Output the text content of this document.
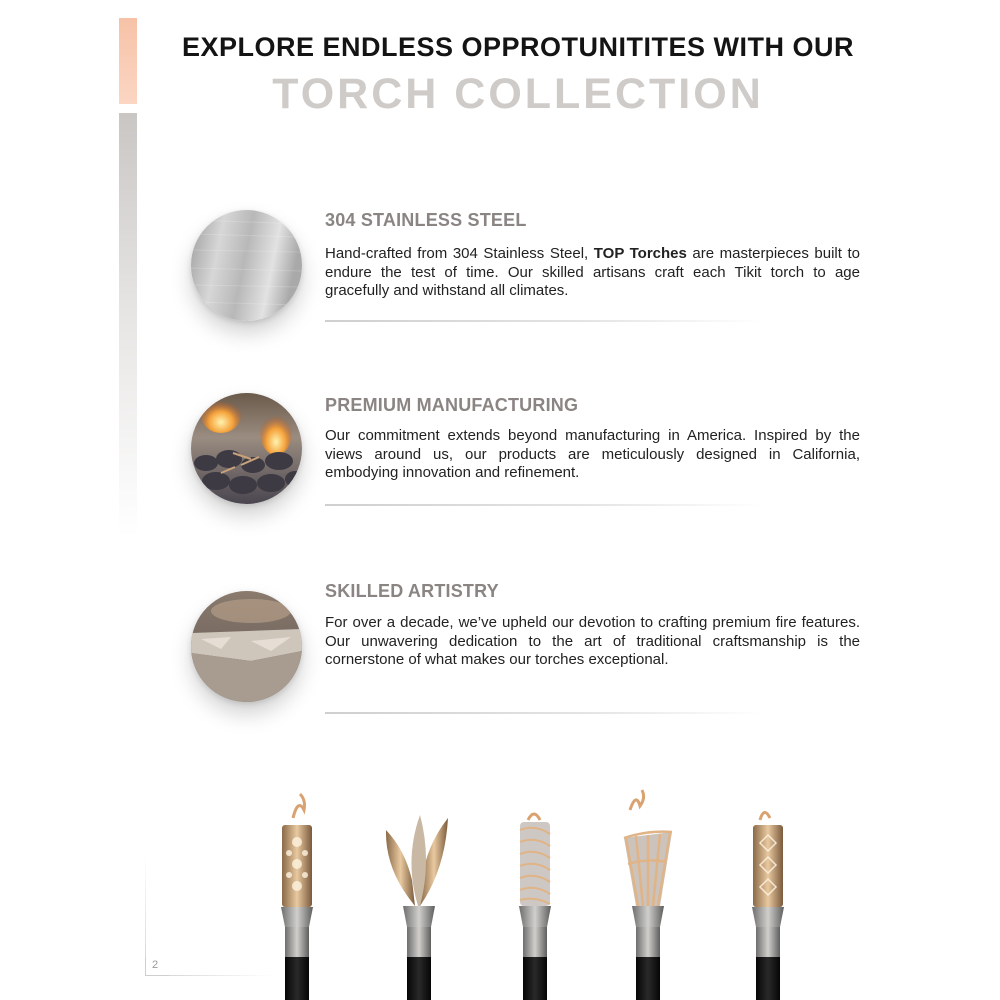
EXPLORE ENDLESS OPPROTUNITITES WITH OUR
TORCH COLLECTION
304 STAINLESS STEEL
Hand-crafted from 304 Stainless Steel, TOP Torches are masterpieces built to endure the test of time. Our skilled artisans craft each Tikit torch to age gracefully and withstand all climates.
PREMIUM MANUFACTURING
Our commitment extends beyond manufacturing in America. Inspired by the views around us, our products are meticulously designed in California, embodying innovation and refinement.
SKILLED ARTISTRY
For over a decade, we’ve upheld our devotion to crafting premium fire features. Our unwavering dedication to the art of traditional craftsmanship is the cornerstone of what makes our torches exceptional.
2
